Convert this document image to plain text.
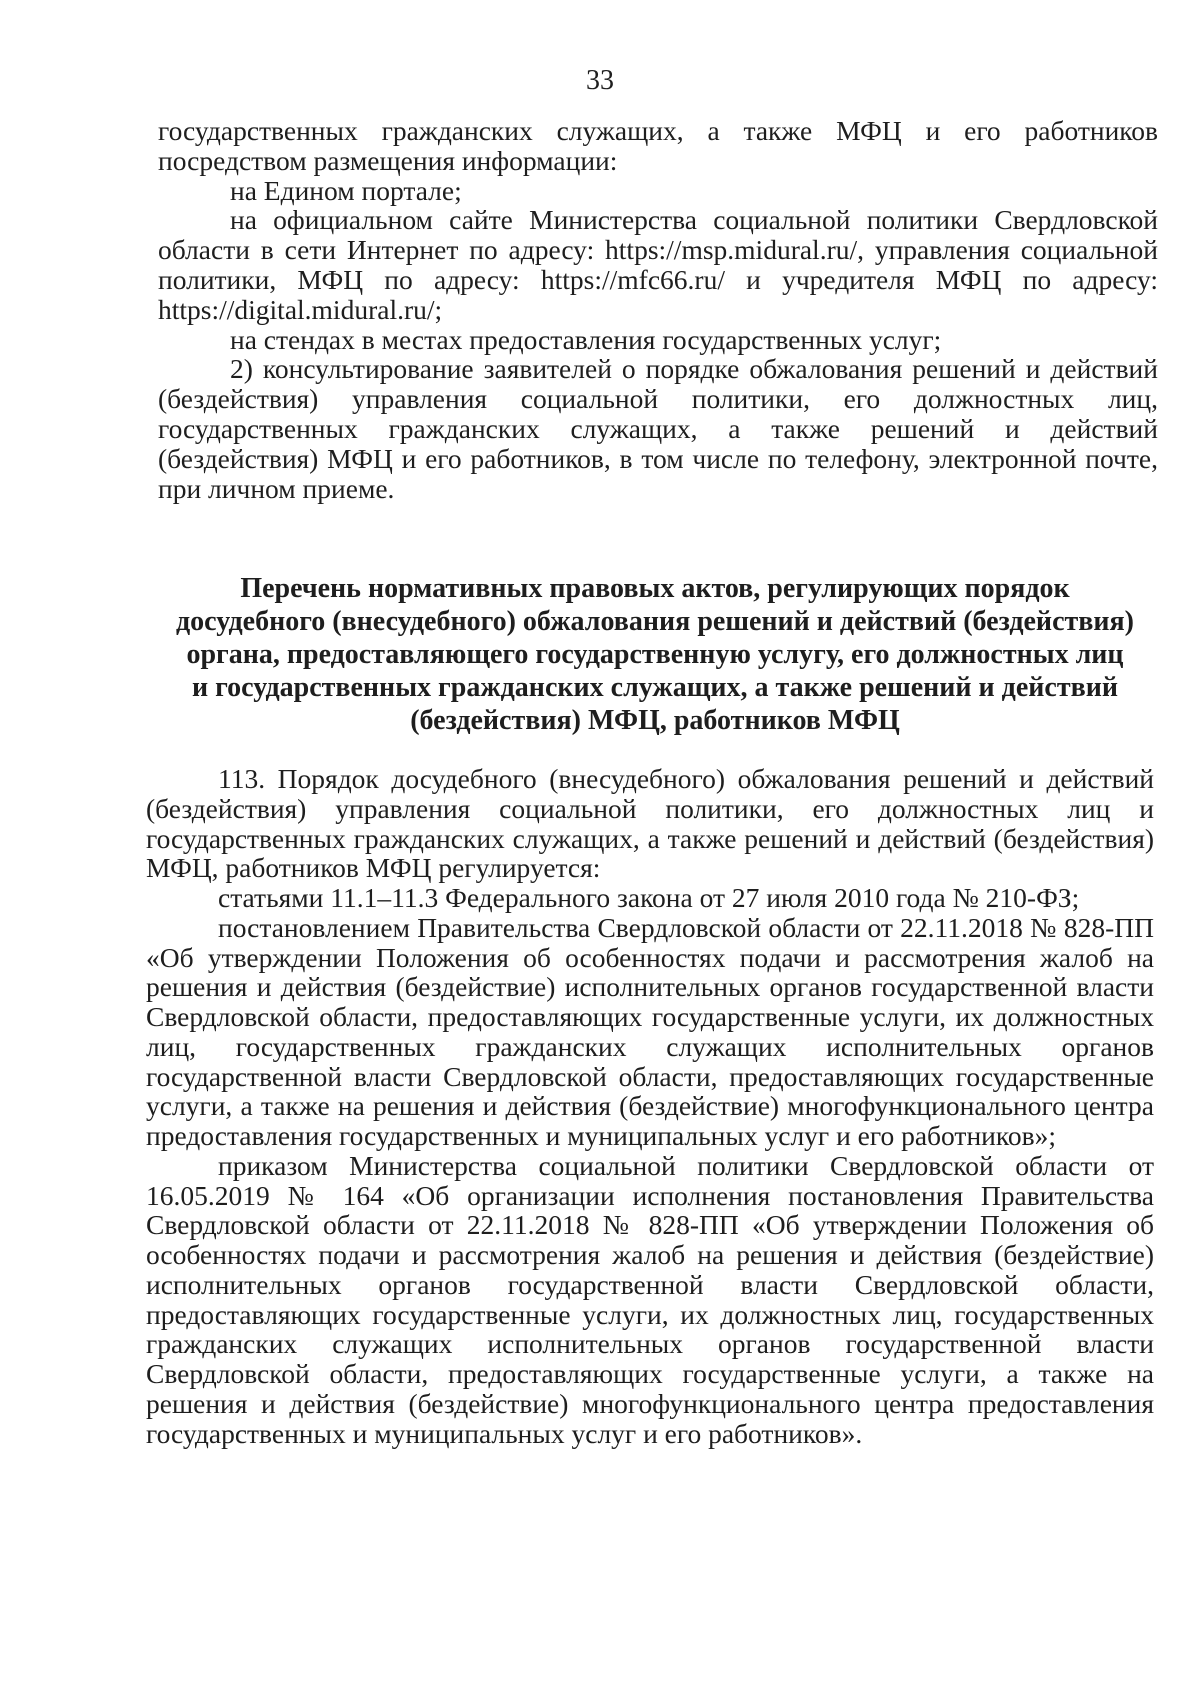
33

государственных гражданских служащих, а также МФЦ и его работников посредством размещения информации:

на Едином портале;

на официальном сайте Министерства социальной политики Свердловской области в сети Интернет по адресу: https://msp.midural.ru/, управления социальной политики, МФЦ по адресу: https://mfc66.ru/ и учредителя МФЦ по адресу: https://digital.midural.ru/;

на стендах в местах предоставления государственных услуг;

2) консультирование заявителей о порядке обжалования решений и действий (бездействия) управления социальной политики, его должностных лиц, государственных гражданских служащих, а также решений и действий (бездействия) МФЦ и его работников, в том числе по телефону, электронной почте, при личном приеме.

Перечень нормативных правовых актов, регулирующих порядок
досудебного (внесудебного) обжалования решений и действий (бездействия)
органа, предоставляющего государственную услугу, его должностных лиц
и государственных гражданских служащих, а также решений и действий
(бездействия) МФЦ, работников МФЦ

113. Порядок досудебного (внесудебного) обжалования решений и действий (бездействия) управления социальной политики, его должностных лиц и государственных гражданских служащих, а также решений и действий (бездействия) МФЦ, работников МФЦ регулируется:

статьями 11.1–11.3 Федерального закона от 27 июля 2010 года № 210-ФЗ;

постановлением Правительства Свердловской области от 22.11.2018 № 828-ПП «Об утверждении Положения об особенностях подачи и рассмотрения жалоб на решения и действия (бездействие) исполнительных органов государственной власти Свердловской области, предоставляющих государственные услуги, их должностных лиц, государственных гражданских служащих исполнительных органов государственной власти Свердловской области, предоставляющих государственные услуги, а также на решения и действия (бездействие) многофункционального центра предоставления государственных и муниципальных услуг и его работников»;

приказом Министерства социальной политики Свердловской области от 16.05.2019 № 164 «Об организации исполнения постановления Правительства Свердловской области от 22.11.2018 № 828-ПП «Об утверждении Положения об особенностях подачи и рассмотрения жалоб на решения и действия (бездействие) исполнительных органов государственной власти Свердловской области, предоставляющих государственные услуги, их должностных лиц, государственных гражданских служащих исполнительных органов государственной власти Свердловской области, предоставляющих государственные услуги, а также на решения и действия (бездействие) многофункционального центра предоставления государственных и муниципальных услуг и его работников».
